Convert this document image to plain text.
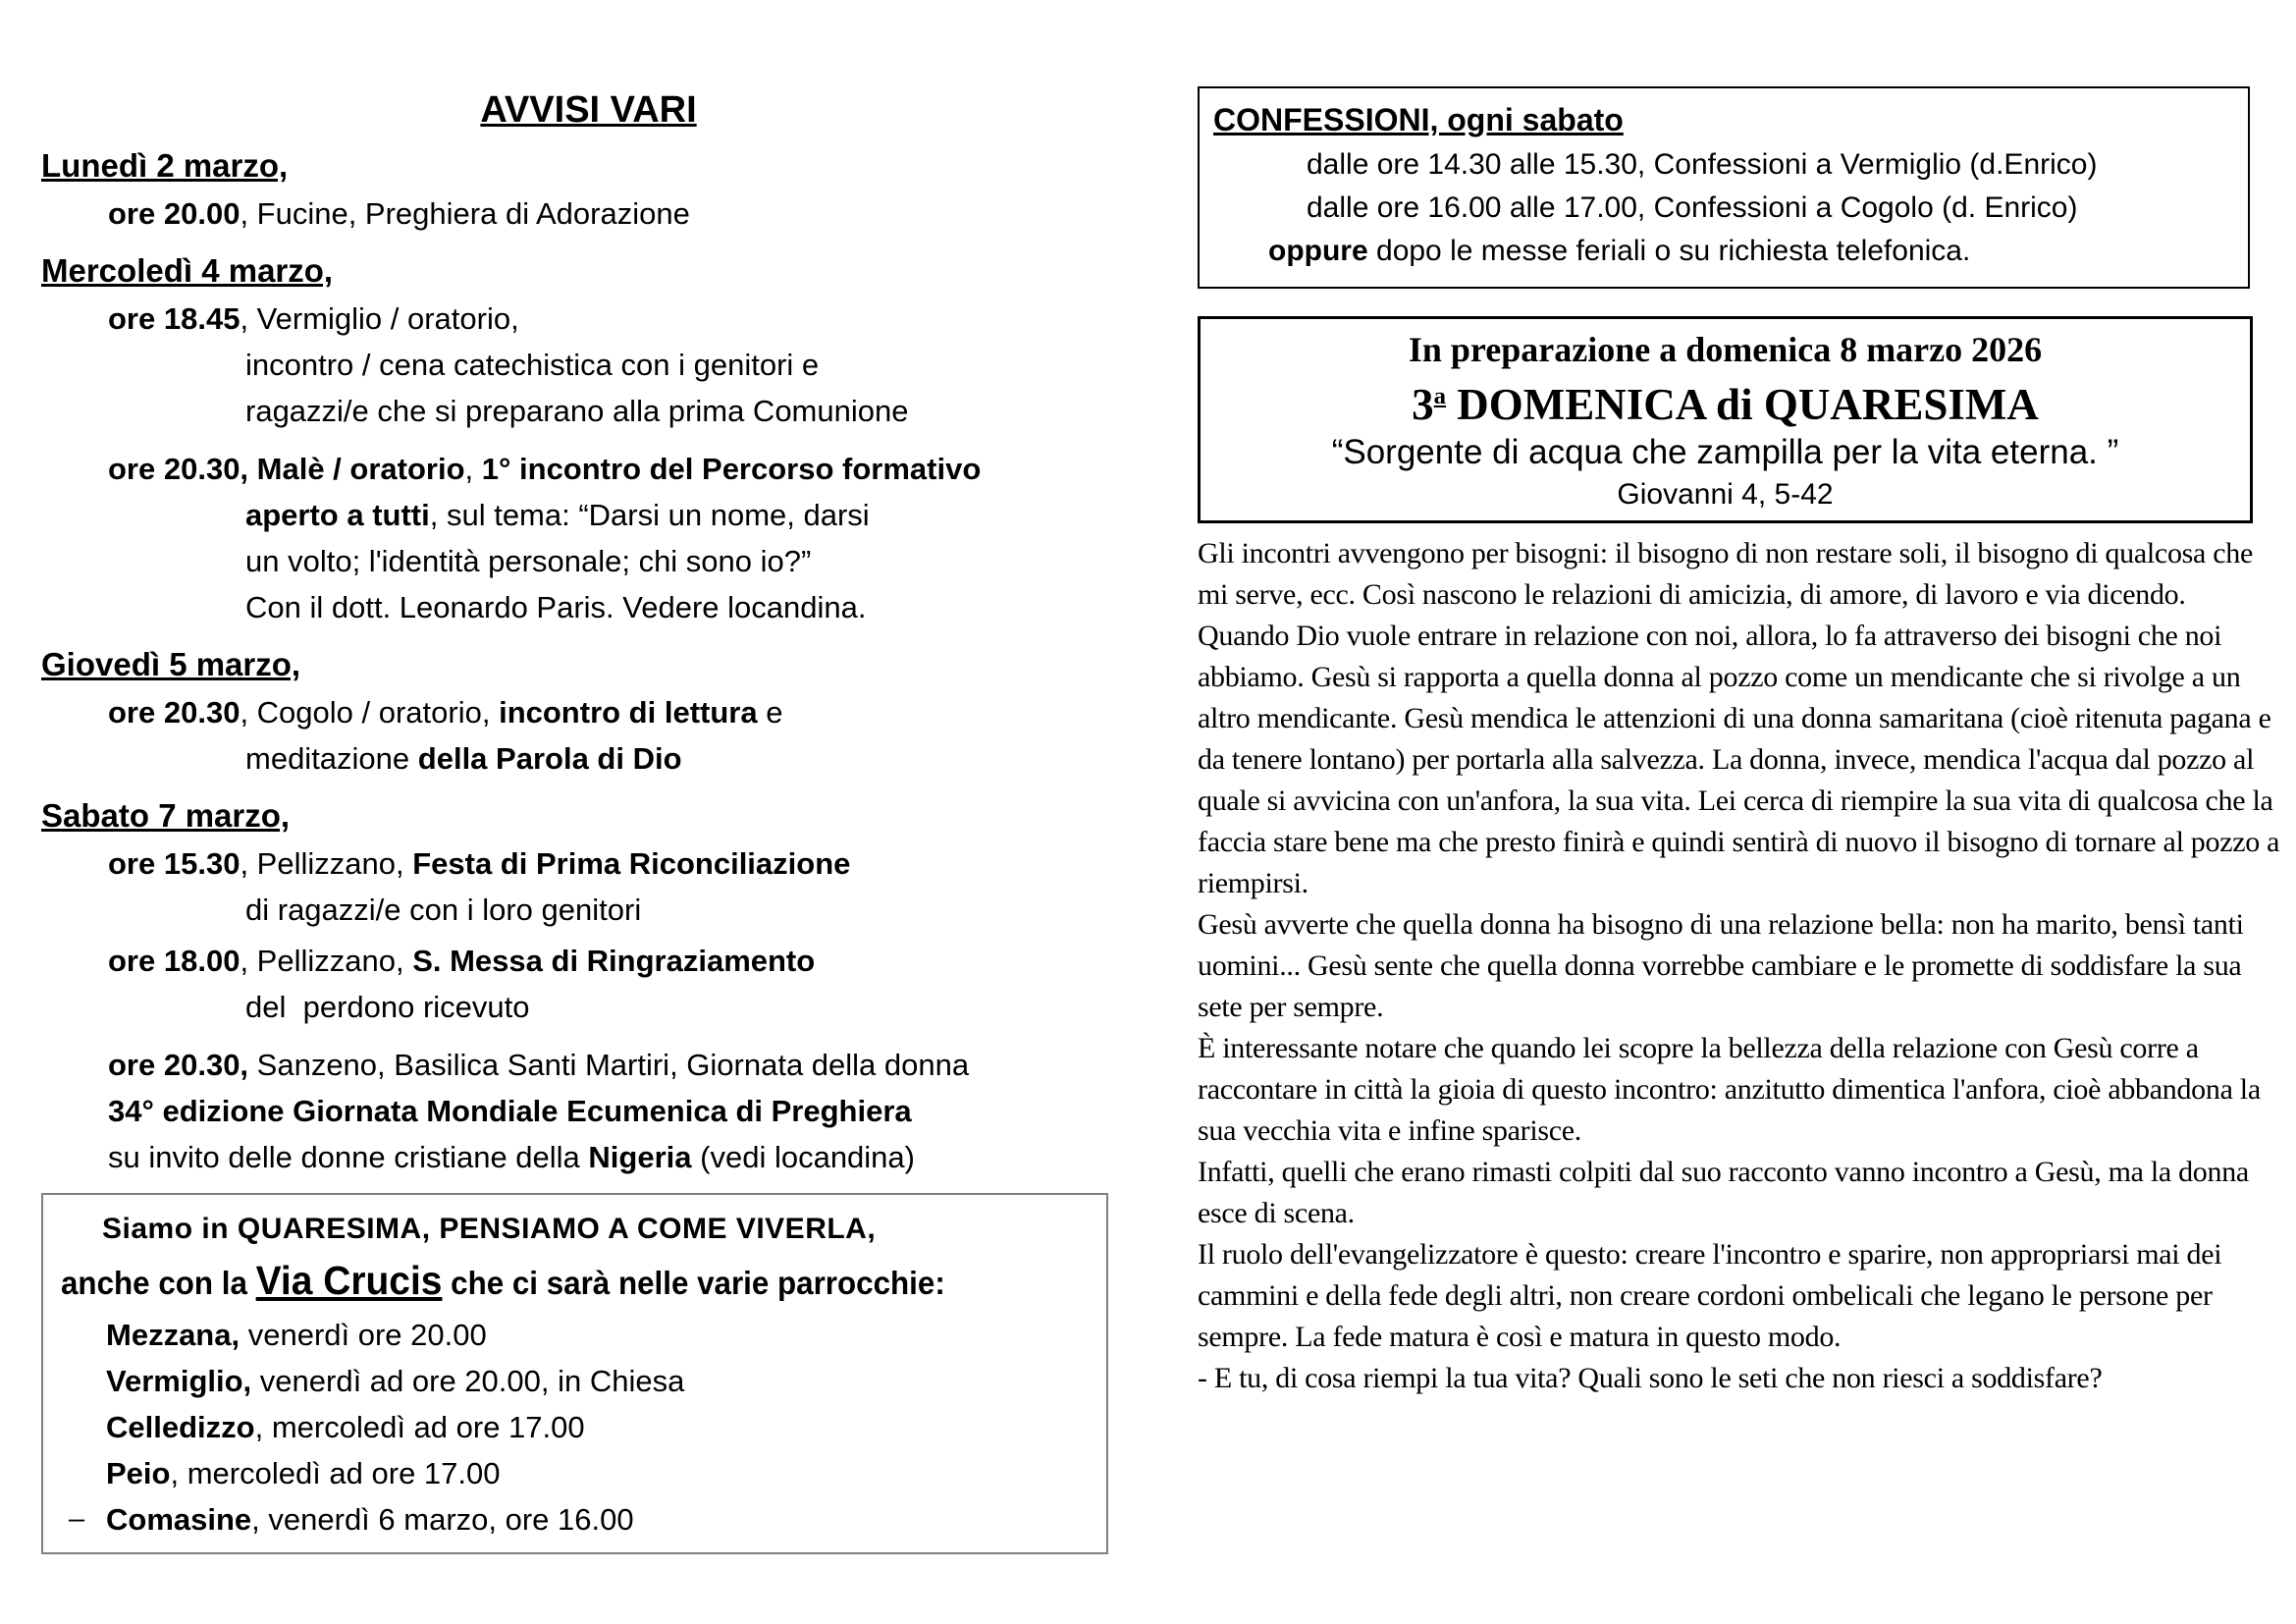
AVVISI VARI
Lunedì 2 marzo,
ore 20.00, Fucine, Preghiera di Adorazione
Mercoledì 4 marzo,
ore 18.45, Vermiglio / oratorio,
incontro / cena catechistica con i genitori e
ragazzi/e che si preparano alla prima Comunione
ore 20.30, Malè / oratorio, 1° incontro del Percorso formativo
aperto a tutti, sul tema: “Darsi un nome, darsi
un volto; l'identità personale; chi sono io?”
Con il dott. Leonardo Paris. Vedere locandina.
Giovedì 5 marzo,
ore 20.30, Cogolo / oratorio, incontro di lettura e
meditazione della Parola di Dio
Sabato 7 marzo,
ore 15.30, Pellizzano, Festa di Prima Riconciliazione
di ragazzi/e con i loro genitori
ore 18.00, Pellizzano, S. Messa di Ringraziamento
del  perdono ricevuto
ore 20.30, Sanzeno, Basilica Santi Martiri, Giornata della donna
34° edizione Giornata Mondiale Ecumenica di Preghiera
su invito delle donne cristiane della Nigeria (vedi locandina)
Siamo in QUARESIMA, PENSIAMO A COME VIVERLA,
anche con la Via Crucis che ci sarà nelle varie parrocchie:
Mezzana, venerdì ore 20.00
Vermiglio, venerdì ad ore 20.00, in Chiesa
Celledizzo, mercoledì ad ore 17.00
Peio, mercoledì ad ore 17.00
– Comasine, venerdì 6 marzo, ore 16.00
CONFESSIONI, ogni sabato
dalle ore 14.30 alle 15.30, Confessioni a Vermiglio (d.Enrico)
dalle ore 16.00 alle 17.00, Confessioni a Cogolo (d. Enrico)
oppure dopo le messe feriali o su richiesta telefonica.
In preparazione a domenica 8 marzo 2026
3$^a$ DOMENICA di QUARESIMA
“Sorgente di acqua che zampilla per la vita eterna. ”
Giovanni 4, 5-42

Gli incontri avvengono per bisogni: il bisogno di non restare soli, il bisogno di qualcosa che mi serve, ecc. Così nascono le relazioni di amicizia, di amore, di lavoro e via dicendo.

Quando Dio vuole entrare in relazione con noi, allora, lo fa attraverso dei bisogni che noi abbiamo. Gesù si rapporta a quella donna al pozzo come un mendicante che si rivolge a un altro mendicante. Gesù mendica le attenzioni di una donna samaritana (cioè ritenuta pagana e da tenere lontano) per portarla alla salvezza. La donna, invece, mendica l'acqua dal pozzo al quale si avvicina con un'anfora, la sua vita. Lei cerca di riempire la sua vita di qualcosa che la faccia stare bene ma che presto finirà e quindi sentirà di nuovo il bisogno di tornare al pozzo a riempirsi.

Gesù avverte che quella donna ha bisogno di una relazione bella: non ha marito, bensì tanti uomini... Gesù sente che quella donna vorrebbe cambiare e le promette di soddisfare la sua sete per sempre.

È interessante notare che quando lei scopre la bellezza della relazione con Gesù corre a raccontare in città la gioia di questo incontro: anzitutto dimentica l'anfora, cioè abbandona la sua vecchia vita e infine sparisce.

Infatti, quelli che erano rimasti colpiti dal suo racconto vanno incontro a Gesù, ma la donna esce di scena.

Il ruolo dell'evangelizzatore è questo: creare l'incontro e sparire, non appropriarsi mai dei cammini e della fede degli altri, non creare cordoni ombelicali che legano le persone per sempre. La fede matura è così e matura in questo modo.

- E tu, di cosa riempi la tua vita? Quali sono le seti che non riesci a soddisfare?
